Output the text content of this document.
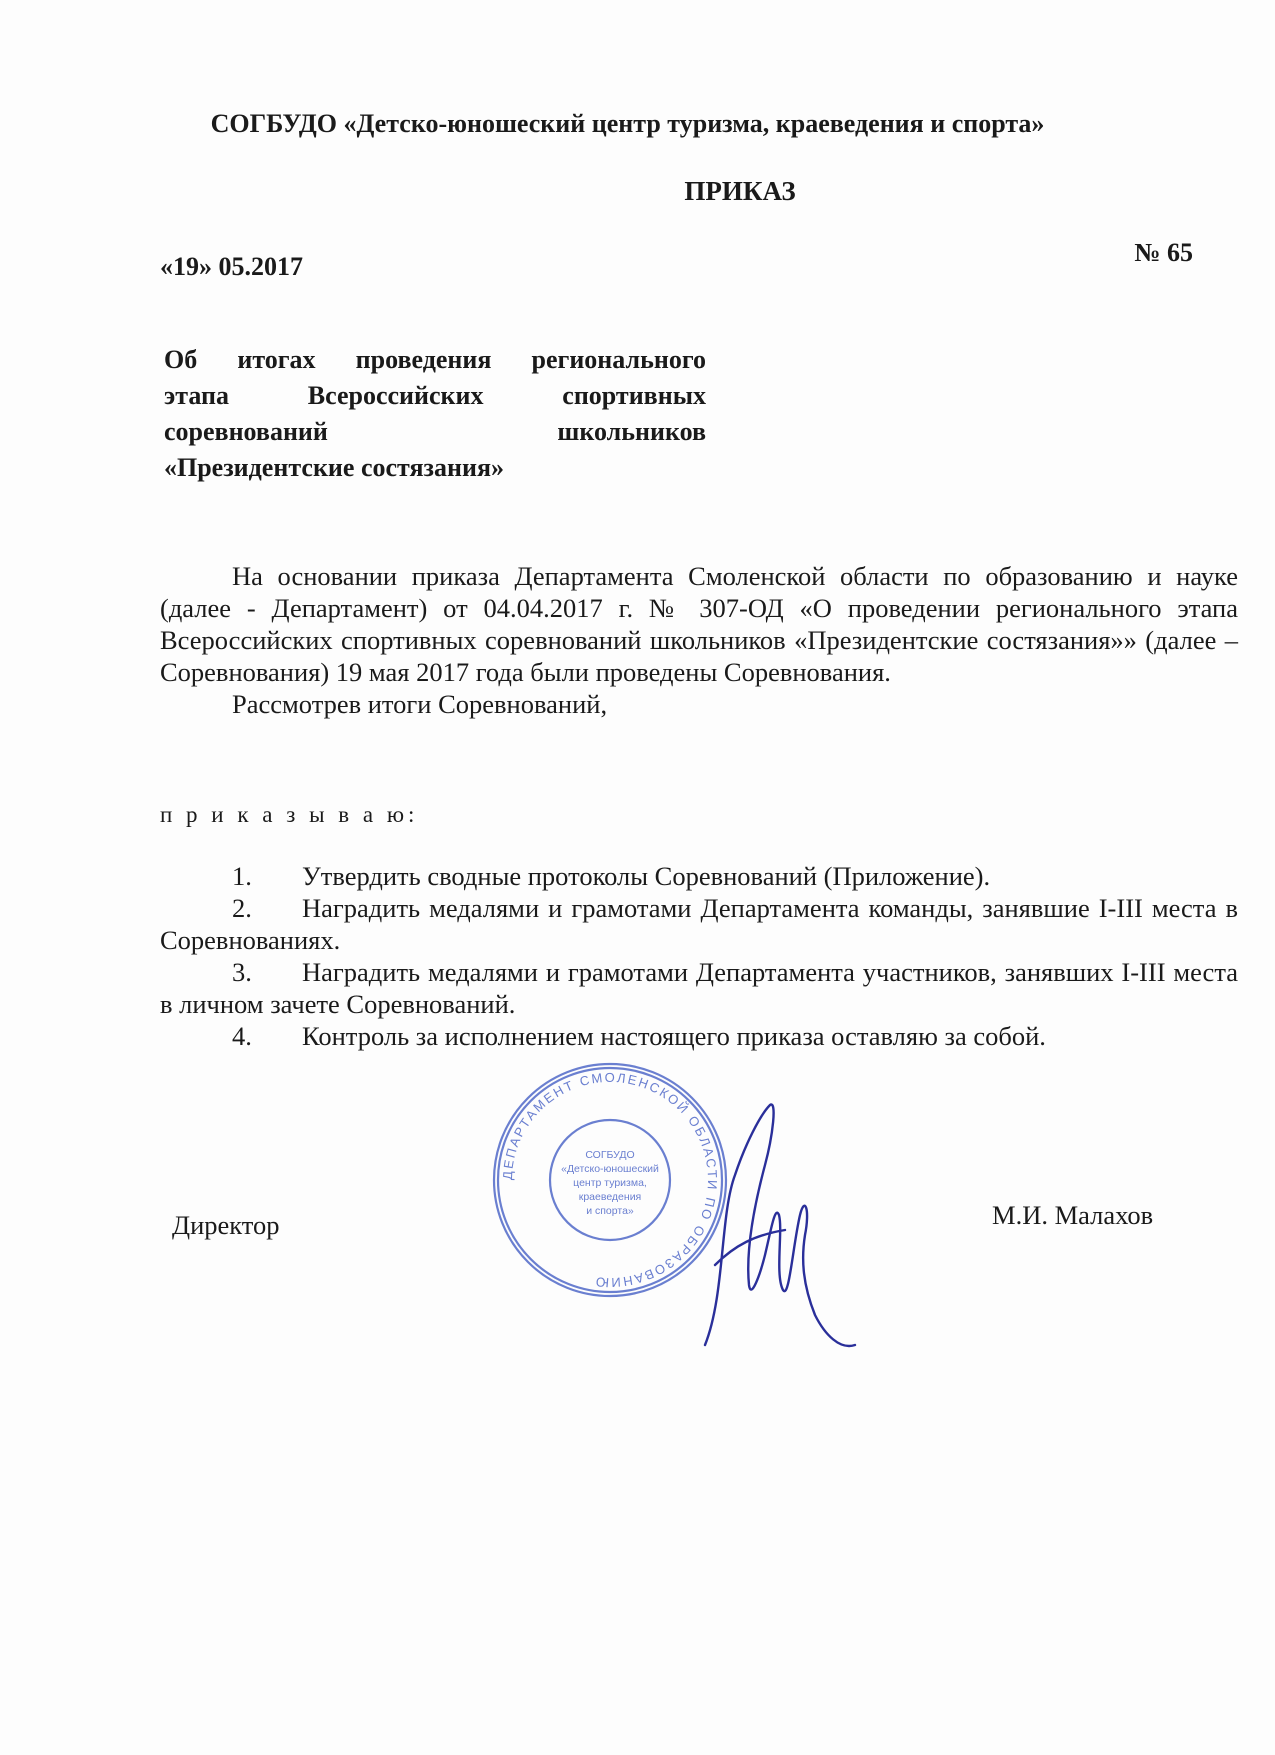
СОГБУДО «Детско-юношеский центр туризма, краеведения и спорта»
ПРИКАЗ
«19» 05.2017	№ 65
Об итогах проведения регионального
этапа Всероссийских спортивных
соревнований школьников
«Президентские состязания»

На основании приказа Департамента Смоленской области по образованию и науке (далее - Департамент) от 04.04.2017 г. № 307-ОД «О проведении регионального этапа Всероссийских спортивных соревнований школьников «Президентские состязания»» (далее – Соревнования) 19 мая 2017 года были проведены Соревнования.

Рассмотрев итоги Соревнований,

п р и к а з ы в а ю:
1. Утвердить сводные протоколы Соревнований (Приложение).
2. Наградить медалями и грамотами Департамента команды, занявшие I-III места в Соревнованиях.
3. Наградить медалями и грамотами Департамента участников, занявших I-III места в личном зачете Соревнований.
4. Контроль за исполнением настоящего приказа оставляю за собой.
ДЕПАРТАМЕНТ СМОЛЕНСКОЙ ОБЛАСТИ ПО ОБРАЗОВАНИЮ
СОГБУДО
«Детско-юношеский
центр туризма,
краеведения
и спорта»
Директор	М.И. Малахов
